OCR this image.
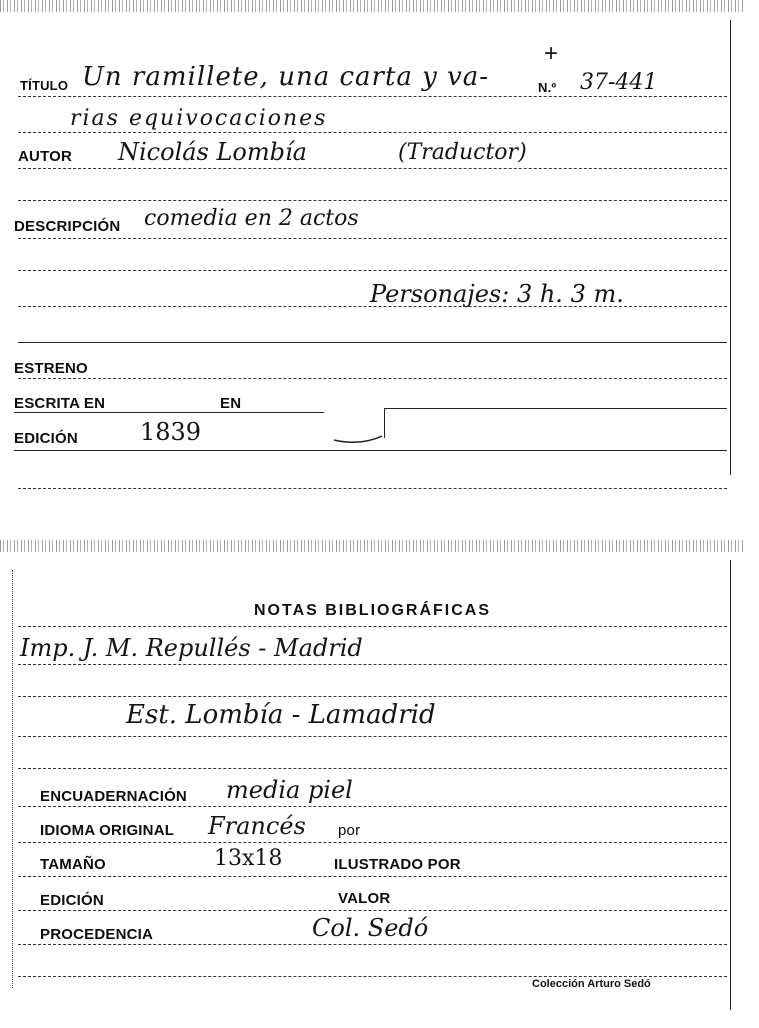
+
TÍTULO Un ramillete, una carta y va-	N.º 37-441
rias equivocaciones
AUTOR Nicolás Lombía	(Traductor)
DESCRIPCIÓN comedia en 2 actos
Personajes: 3 h. 3 m.
ESTRENO
ESCRITA EN	EN
EDICIÓN	1839
NOTAS BIBLIOGRÁFICAS
Imp. J. M. Repullés - Madrid
Est. Lombía - Lamadrid
ENCUADERNACIÓN media piel
IDIOMA ORIGINAL Francés por
TAMAÑO	13x18	ILUSTRADO POR
EDICIÓN	VALOR
PROCEDENCIA	Col. Sedó
Colección Arturo Sedó
